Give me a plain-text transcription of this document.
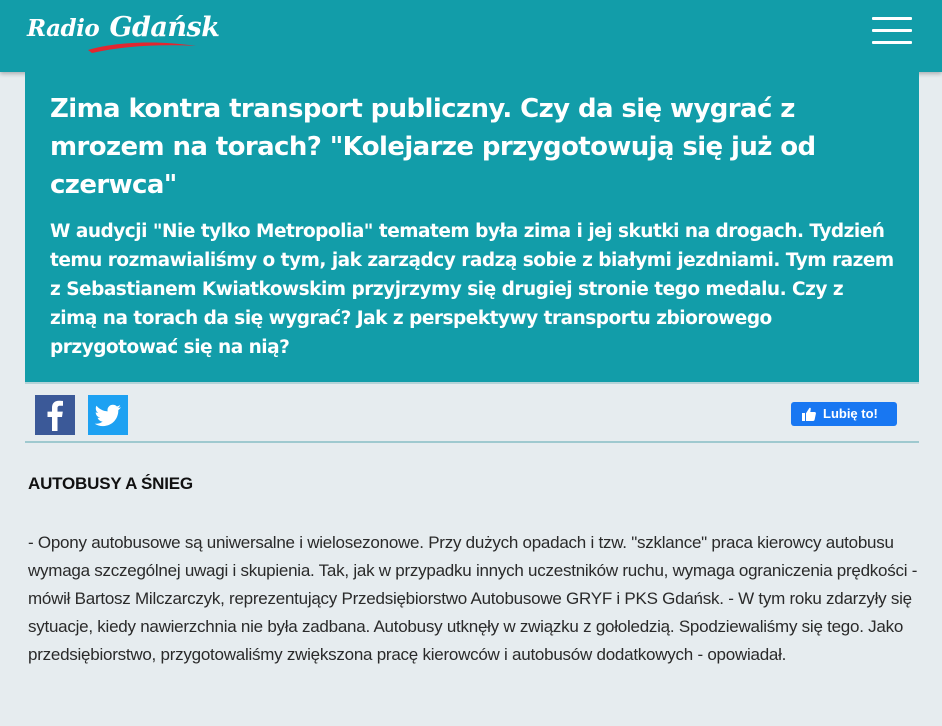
Radio Gdańsk
Zima kontra transport publiczny. Czy da się wygrać z mrozem na torach? "Kolejarze przygotowują się już od czerwca"

W audycji "Nie tylko Metropolia" tematem była zima i jej skutki na drogach. Tydzień temu rozmawialiśmy o tym, jak zarządcy radzą sobie z białymi jezdniami. Tym razem z Sebastianem Kwiatkowskim przyjrzymy się drugiej stronie tego medalu. Czy z zimą na torach da się wygrać? Jak z perspektywy transportu zbiorowego przygotować się na nią?

Lubię to!
AUTOBUSY A ŚNIEG

- Opony autobusowe są uniwersalne i wielosezonowe. Przy dużych opadach i tzw. "szklance" praca kierowcy autobusu wymaga szczególnej uwagi i skupienia. Tak, jak w przypadku innych uczestników ruchu, wymaga ograniczenia prędkości - mówił Bartosz Milczarczyk, reprezentujący Przedsiębiorstwo Autobusowe GRYF i PKS Gdańsk. - W tym roku zdarzyły się sytuacje, kiedy nawierzchnia nie była zadbana. Autobusy utknęły w związku z gołoledzią. Spodziewaliśmy się tego. Jako przedsiębiorstwo, przygotowaliśmy zwiększona pracę kierowców i autobusów dodatkowych - opowiadał.
